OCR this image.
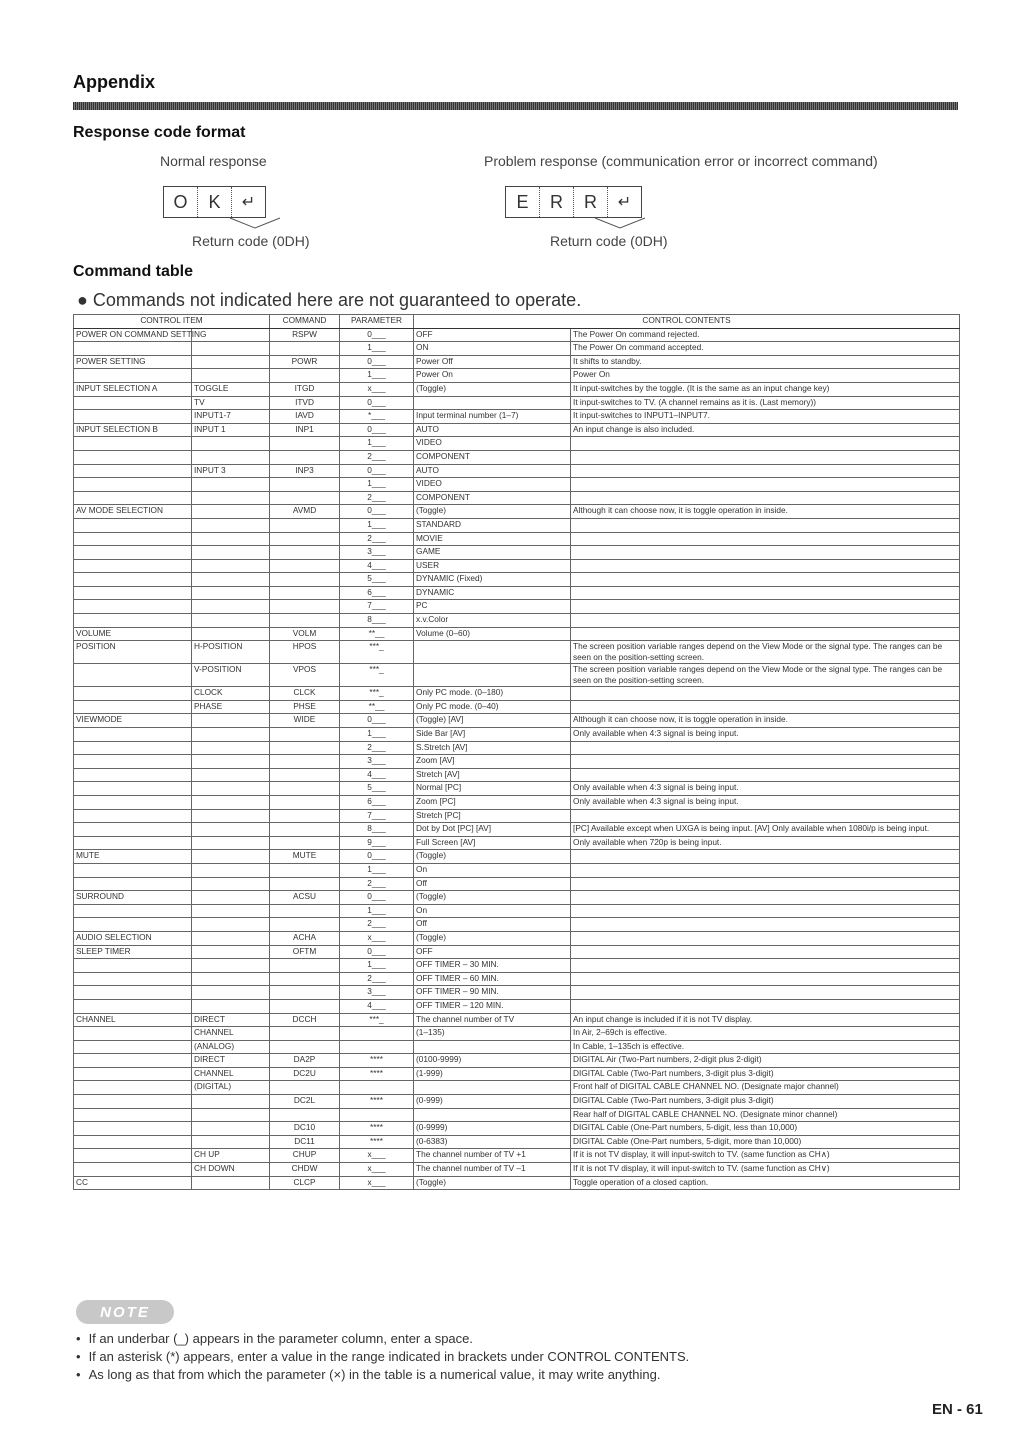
Appendix
Response code format
Normal response	Problem response (communication error or incorrect command)
O	K	↵	E	R	R	↵
Return code (0DH)	Return code (0DH)
Command table
● Commands not indicated here are not guaranteed to operate.
CONTROL ITEM		COMMAND	PARAMETER	CONTROL CONTENTS	
POWER ON COMMAND SETTING		RSPW	0___	OFF	The Power On command rejected.
			1___	ON	The Power On command accepted.
POWER SETTING		POWR	0___	Power Off	It shifts to standby.
			1___	Power On	Power On
INPUT SELECTION A	TOGGLE	ITGD	x___	(Toggle)	It input-switches by the toggle. (It is the same as an input change key)
	TV	ITVD	0___		It input-switches to TV. (A channel remains as it is. (Last memory))
	INPUT1-7	IAVD	*___	Input terminal number (1–7)	It input-switches to INPUT1–INPUT7.
INPUT SELECTION B	INPUT 1	INP1	0___	AUTO	An input change is also included.
			1___	VIDEO	
			2___	COMPONENT	
	INPUT 3	INP3	0___	AUTO	
			1___	VIDEO	
			2___	COMPONENT	
AV MODE SELECTION		AVMD	0___	(Toggle)	Although it can choose now, it is toggle operation in inside.
			1___	STANDARD	
			2___	MOVIE	
			3___	GAME	
			4___	USER	
			5___	DYNAMIC (Fixed)	
			6___	DYNAMIC	
			7___	PC	
			8___	x.v.Color	
VOLUME		VOLM	**__	Volume (0–60)	
POSITION	H-POSITION	HPOS	***_		The screen position variable ranges depend on the View Mode or the signal type. The ranges can be seen on the position-setting screen.
	V-POSITION	VPOS	***_		The screen position variable ranges depend on the View Mode or the signal type. The ranges can be seen on the position-setting screen.
	CLOCK	CLCK	***_	Only PC mode. (0–180)	
	PHASE	PHSE	**__	Only PC mode. (0–40)	
VIEWMODE		WIDE	0___	(Toggle) [AV]	Although it can choose now, it is toggle operation in inside.
			1___	Side Bar [AV]	Only available when 4:3 signal is being input.
			2___	S.Stretch [AV]	
			3___	Zoom [AV]	
			4___	Stretch [AV]	
			5___	Normal [PC]	Only available when 4:3 signal is being input.
			6___	Zoom [PC]	Only available when 4:3 signal is being input.
			7___	Stretch [PC]	
			8___	Dot by Dot [PC] [AV]	[PC] Available except when UXGA is being input. [AV] Only available when 1080i/p is being input.
			9___	Full Screen [AV]	Only available when 720p is being input.
MUTE		MUTE	0___	(Toggle)	
			1___	On	
			2___	Off	
SURROUND		ACSU	0___	(Toggle)	
			1___	On	
			2___	Off	
AUDIO SELECTION		ACHA	x___	(Toggle)	
SLEEP TIMER		OFTM	0___	OFF	
			1___	OFF TIMER – 30 MIN.	
			2___	OFF TIMER – 60 MIN.	
			3___	OFF TIMER – 90 MIN.	
			4___	OFF TIMER – 120 MIN.	
CHANNEL	DIRECT	DCCH	***_	The channel number of TV	An input change is included if it is not TV display.
	CHANNEL			(1–135)	In Air, 2–69ch is effective.
	(ANALOG)				In Cable, 1–135ch is effective.
	DIRECT	DA2P	****	(0100-9999)	DIGITAL Air (Two-Part numbers, 2-digit plus 2-digit)
	CHANNEL	DC2U	****	(1-999)	DIGITAL Cable (Two-Part numbers, 3-digit plus 3-digit)
	(DIGITAL)				Front half of DIGITAL CABLE CHANNEL NO. (Designate major channel)
		DC2L	****	(0-999)	DIGITAL Cable (Two-Part numbers, 3-digit plus 3-digit)
					Rear half of DIGITAL CABLE CHANNEL NO. (Designate minor channel)
		DC10	****	(0-9999)	DIGITAL Cable (One-Part numbers, 5-digit, less than 10,000)
		DC11	****	(0-6383)	DIGITAL Cable (One-Part numbers, 5-digit, more than 10,000)
	CH UP	CHUP	x___	The channel number of TV +1	If it is not TV display, it will input-switch to TV. (same function as CH∧)
	CH DOWN	CHDW	x___	The channel number of TV –1	If it is not TV display, it will input-switch to TV. (same function as CH∨)
CC		CLCP	x___	(Toggle)	Toggle operation of a closed caption.
NOTE
• If an underbar (_) appears in the parameter column, enter a space.
• If an asterisk (*) appears, enter a value in the range indicated in brackets under CONTROL CONTENTS.
• As long as that from which the parameter (×) in the table is a numerical value, it may write anything.
EN - 61
